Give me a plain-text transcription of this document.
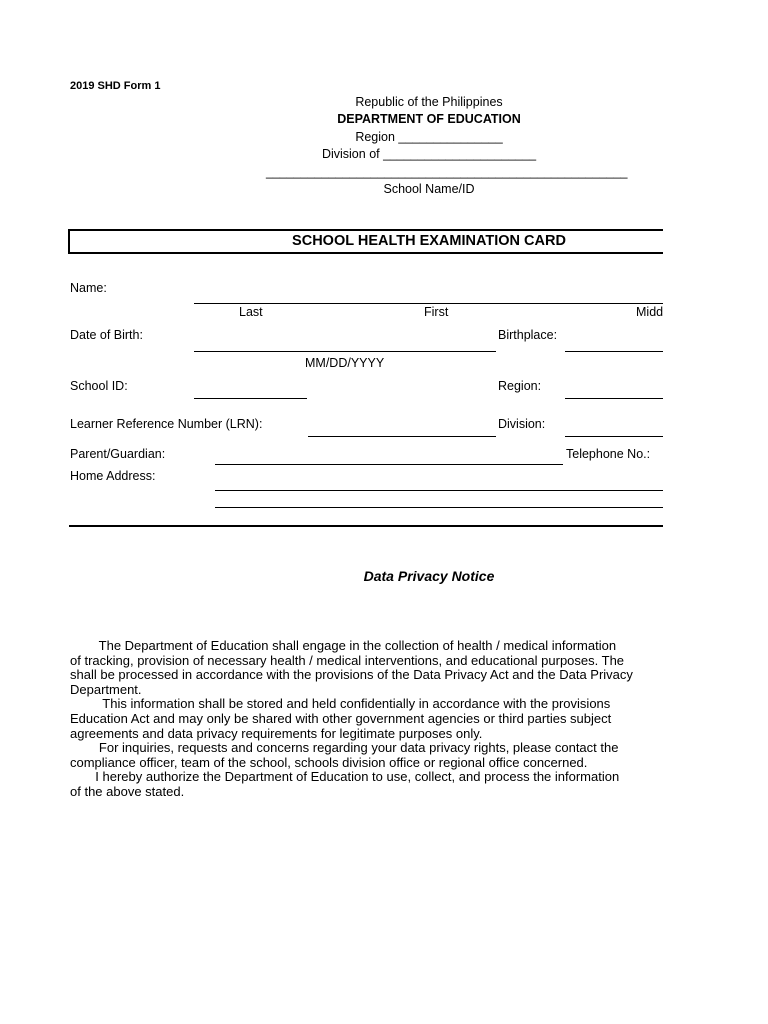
2019 SHD Form 1
Republic of the Philippines
DEPARTMENT OF EDUCATION
Region _______________
Division of ______________________
____________________________________________________
School Name/ID
SCHOOL HEALTH EXAMINATION CARD
Name:
Last	First	Midd
Date of Birth:
MM/DD/YYYY
Birthplace:
School ID:	Region:
Learner Reference Number (LRN):	Division:
Parent/Guardian:	Telephone No.:
Home Address:
Data Privacy Notice
The Department of Education shall engage in the collection of health / medical information
of tracking, provision of necessary health / medical interventions, and educational purposes. The
shall be processed in accordance with the provisions of the Data Privacy Act and the Data Privacy
Department.
This information shall be stored and held confidentially in accordance with the provisions
Education Act and may only be shared with other government agencies or third parties subject
agreements and data privacy requirements for legitimate purposes only.
For inquiries, requests and concerns regarding your data privacy rights, please contact the
compliance officer, team of the school, schools division office or regional office concerned.
I hereby authorize the Department of Education to use, collect, and process the information
of the above stated.
